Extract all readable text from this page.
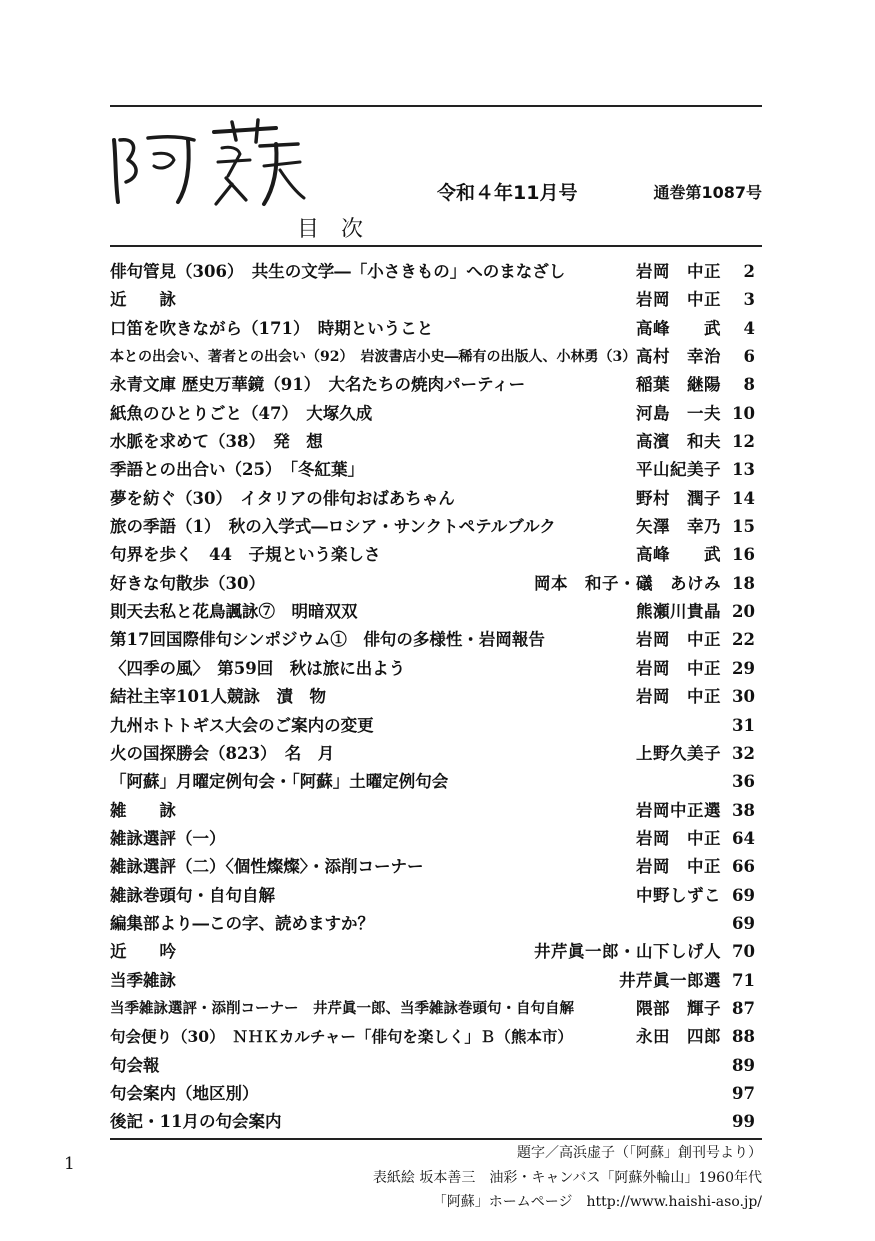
令和４年11月号	通巻第1087号
目次
俳句管見（306）　共生の文学―「小さきもの」へのまなざし	岩岡　中正	2
近　　詠	岩岡　中正	3
口笛を吹きながら（171）　時期ということ	高峰　　武	4
本との出会い、著者との出会い（92）　岩波書店小史―稀有の出版人、小林勇（3） 高村　幸治	6
永青文庫 歴史万華鏡（91）　大名たちの焼肉パーティー	稲葉　継陽	8
紙魚のひとりごと（47）　大塚久成	河島　一夫 10
水脈を求めて（38）　発　想	高濱　和夫 12
季語との出合い（25）　「冬紅葉」	平山紀美子 13
夢を紡ぐ（30）　イタリアの俳句おばあちゃん	野村　潤子 14
旅の季語（1）　秋の入学式―ロシア・サンクトペテルブルク	矢澤　幸乃 15
句界を歩く　44　子規という楽しさ	高峰　　武 16
好きな句散歩（30）	岡本　和子・礒　あけみ 18
則天去私と花鳥諷詠⑦　明暗双双	熊瀬川貴晶 20
第17回国際俳句シンポジウム①　俳句の多様性・岩岡報告	岩岡　中正 22
〈四季の風〉　第59回　秋は旅に出よう	岩岡　中正 29
結社主宰101人競詠　漬　物	岩岡　中正 30
九州ホトトギス大会のご案内の変更	31
火の国探勝会（823）　名　月	上野久美子 32
「阿蘇」月曜定例句会・「阿蘇」土曜定例句会	36
雑　　詠	岩岡中正選 38
雑詠選評（一）	岩岡　中正 64
雑詠選評（二）〈個性燦燦〉・添削コーナー	岩岡　中正 66
雑詠巻頭句・自句自解	中野しずこ 69
編集部より―この字、読めますか？	69
近　　吟	井芹眞一郎・山下しげ人 70
当季雑詠	井芹眞一郎選 71
当季雑詠選評・添削コーナー　井芹眞一郎、当季雑詠巻頭句・自句自解	隈部　輝子 87
句会便り（30）　ＮＨＫカルチャー「俳句を楽しく」Ｂ（熊本市）	永田　四郎 88
句会報	89
句会案内（地区別）	97
後記・11月の句会案内	99
1
題字／高浜虚子（「阿蘇」創刊号より）
表紙絵 坂本善三　油彩・キャンバス「阿蘇外輪山」1960年代
「阿蘇」ホームページ　http://www.haishi-aso.jp/
